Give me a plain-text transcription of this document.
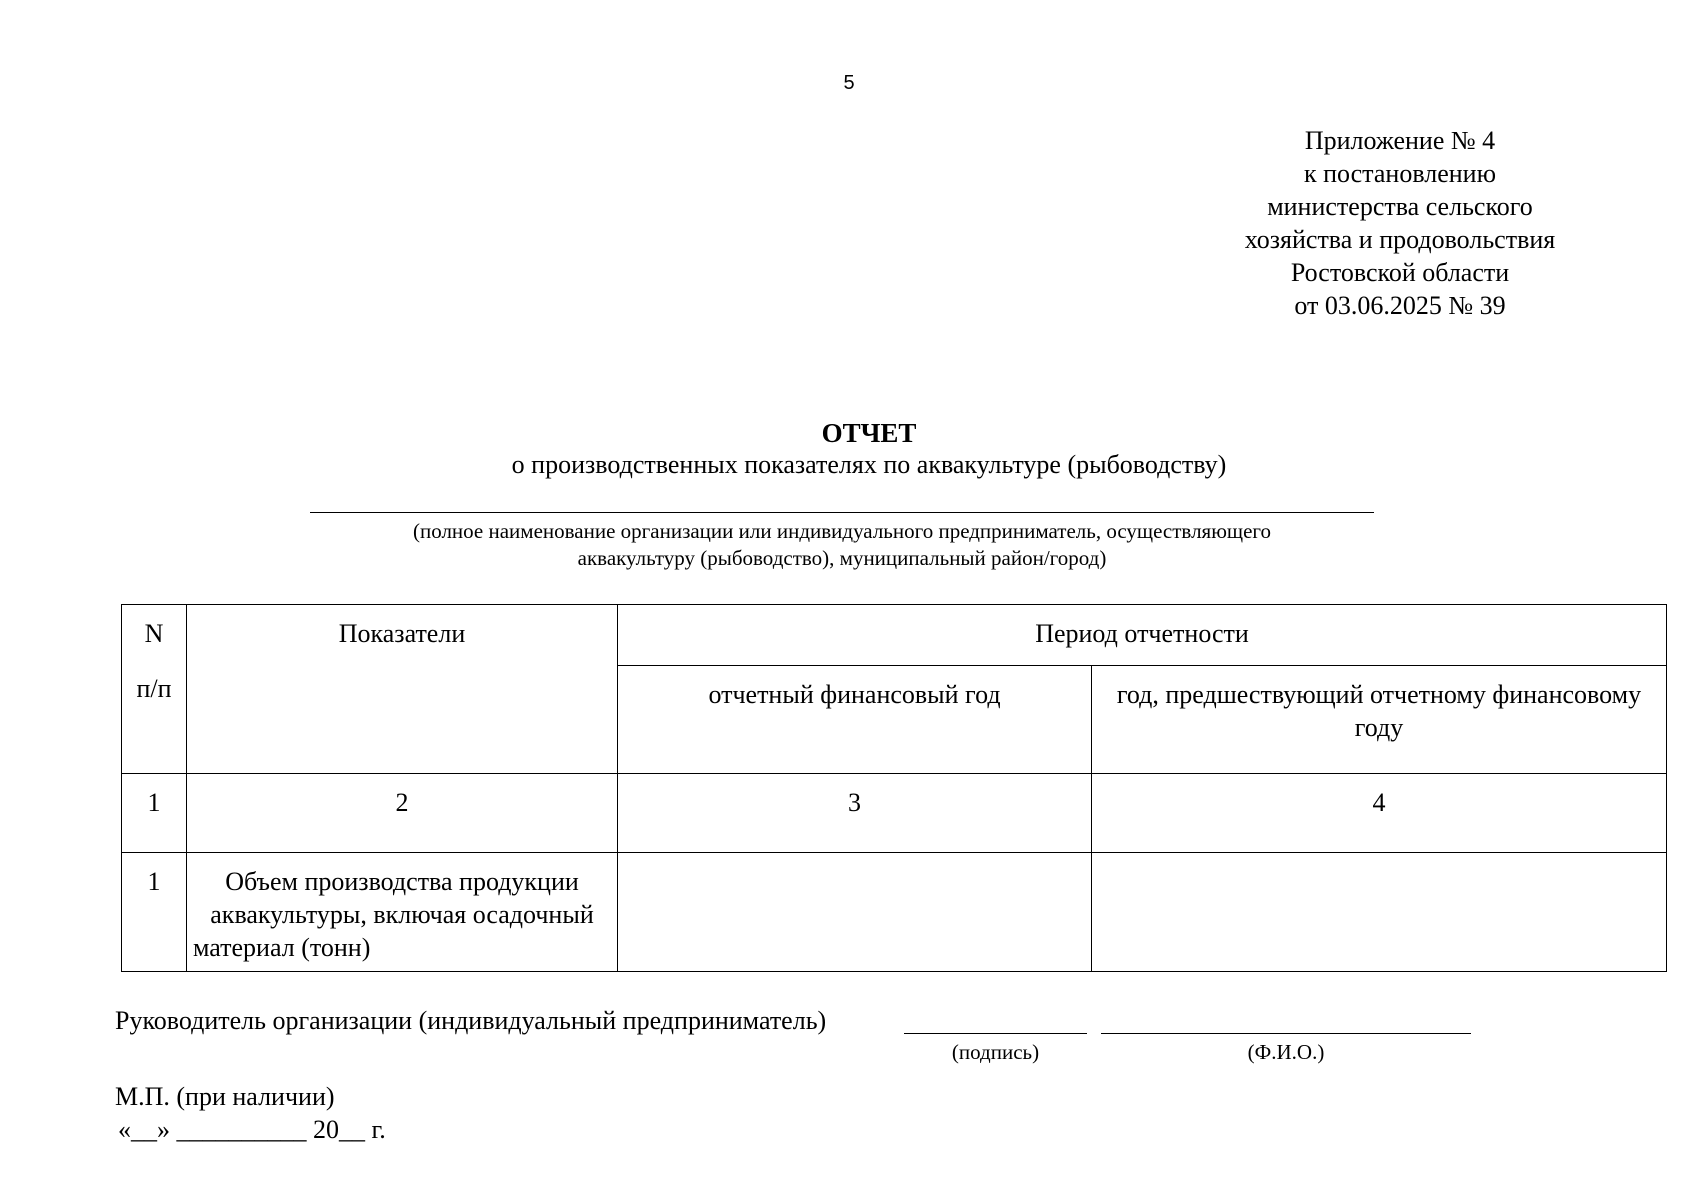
5
Приложение № 4
к постановлению
министерства сельского
хозяйства и продовольствия
Ростовской области
от 03.06.2025 № 39
ОТЧЕТ
о производственных показателях по аквакультуре (рыбоводству)
(полное наименование организации или индивидуального предприниматель, осуществляющего
аквакультуру (рыбоводство), муниципальный район/город)
N
п/п	Показатели	Период отчетности	
		отчетный финансовый год	год, предшествующий отчетному финансовому году
1	2	3	4
1	Объем производства продукции аквакультуры, включая осадочный материал (тонн)		
Руководитель организации (индивидуальный предприниматель)
(подпись)	(Ф.И.О.)
М.П. (при наличии)
«__» __________ 20__ г.
